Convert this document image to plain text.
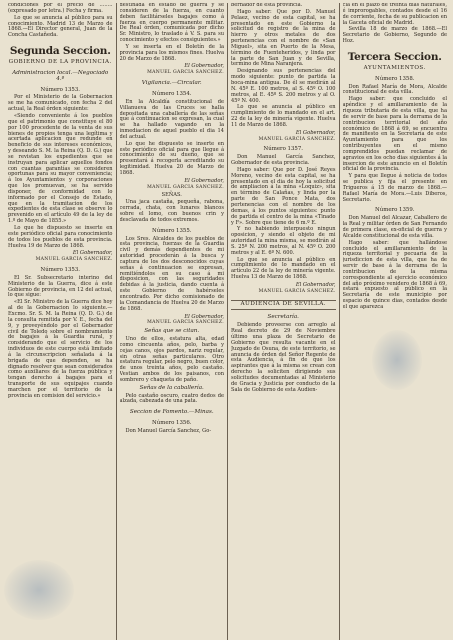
condiciones por el precio de ........ (expresado por letra.) Fecha y firma.

Lo que se anuncia al público para su conocimiento. Madrid 13 de Marzo de 1868.—El Director general, Juan de la Concha Castañeda.

Segunda Seccion.
GOBIERNO DE LA PROVINCIA.
Administracion local.—Negociado 4.º
Número 1353.

Por el Ministerio de la Gobernacion se me ha comunicado, con fecha 2 del actual, la Real órden siguiente:

«Siendo conveniente á los pueblos que el patrimonio que constituye el 80 por 100 procedente de la venta de sus bienes de propios tenga una legítima y acertada aplicacion que redunde en beneficio de sus intereses económicos, y deseando S. M. la Reina (Q. D. G.) que se revistan los expedientes que se instruyan para aplicar aquellos fondos con cuantas garantías se consideren oportunas para su mayor conveniencia; á los Ayuntamientos y corporaciones que los promuevan, se ha servido disponer, de conformidad con lo informado por el Consejo de Estado, que en la tramitacion de los expedientes de esta clase se observe lo prevenido en el artículo 49 de la ley de 1.º de Mayo de 1855.»

Lo que he dispuesto se inserte en este periódico oficial para conocimiento de todos los pueblos de esta provincia. Huelva 19 de Marzo de 1868.

El Gobernador,
MANUEL GARCIA SANCHEZ.
Número 1353.

El Sr. Subsecretario interino del Ministerio de la Guerra, dice á este Gobierno de provincia, en 12 del actual, lo que sigue:

«El Sr. Ministro de la Guerra dice hoy al de la Gobernacion lo siguiente.—Excmo. Sr. S. M. la Reina (Q. D. G.) de la consulta remitida por V. E., fecha del 9, y proveyéndolo por el Gobernador civil de Toledo sobre el nombramiento de bagajes á la Guardia rural, y considerando que el servicio de los individuos de este cuerpo está limitado á la circunscripcion señalada á la brigada de que dependen, se ha dignado resolver que sean considerados como auxiliares de la fuerza pública y tengan derecho á bagajes para el transporte de sus equipajes cuando marchen por el territorio de la provincia en comision del servicio.»

destinada en estado de guerra y se consideren de la fuerza, en cuanto deben facilitárseles bagajes como á fuerza en cuerpo permanente militar. De Real órden, comunicada por dicho Sr. Ministro, lo traslado á V. S. para su conocimiento y efectos consiguientes.»

Y se inserta en el Boletín de la provincia para los mismos fines. Huelva 20 de Marzo de 1868.

El Gobernador,
MANUEL GARCIA SANCHEZ.
Vigilancia.—Circular.
Número 1354.

En la Alcaldía constitucional de Villanueva de las Cruces se halla depositada una caballería de las señas que á continuacion se expresan, la cual se ha hallado vagando en la inmediacion de aquel pueblo el dia 14 del actual.

Lo que he dispuesto se inserte en este periódico oficial para que llegue á conocimiento de su dueño, que se presentará á recogerla acreditando su legitimidad. Huelva 20 de Marzo de 1868.

El Gobernador,
MANUEL GARCIA SANCHEZ.
SEÑAS.

Una jaca castaña, pequeña, rabona, cerrada, chata, con lunares blancos sobre el lomo, con buenos crin y desclavada de todos extremos.

Número 1355.

Los Sres. Alcaldes de los pueblos de esta provincia, fuerzas de la Guardia civil y demás dependientes de mi autoridad procederán á la busca y captura de los dos desconocidos cuyas señas á continuacion se expresan, remitiéndolos en su caso á mi disposicion, con las seguridades debidas á la justicia, dando cuenta á este Gobierno de habérseles encontrado. Por dicho comisionado de la Comandancia de Huelva 20 de Marzo de 1868.

El Gobernador,
MANUEL GARCIA SANCHEZ.
Señas que se citan.

Uno de ellos, estatura alta, edad como cincuenta años, pelo, barba y cejas canos, ojos pardos, nariz regular, sin otras señas particulares. Otro estatura regular, pelo negro, buen color, de unos treinta años, pelo castaño. Vestian ambos de los paisanos, con sombrero y chaqueta de paño.

Señas de la caballería.

Pelo castaño oscuro, cuatro dedos de alzada, cabezada de una pata.

Seccion de Fomento.—Minas.
Número 1356.

Don Manuel García Sanchez, Go-

bernador de esta provincia.

Hago saber: Que por D. Manuel Pelaez, vecino de esta capital, se ha presentado en este Gobierno la solicitud de registro de la mina de hierro y otros metales de dos pertenencias con el nombre de «San Miguel», sita en Puerto de la Mesa, término de Fuenteheridos, y linda por la parte de San Juan y de Sevilla, termino de Mina Naranjera.

Designando sus pertenencias del modo siguiente: punto de partida la boca-mina antigua. De él se medirán al N. 45º E. 100 metros, al S. 45º O. 100 metros, al E. 45º S. 200 metros y al O. 45º N. 400.

Lo que se anuncia al público en cumplimiento de lo mandado en el art. 22 de la ley de minería vigente. Huelva 11 de Marzo de 1868.

El Gobernador,
MANUEL GARCIA SANCHEZ.
Número 1357.

Don Manuel García Sanchez, Gobernador de esta provincia.

Hago saber: Que por D. José Reyes Moreno, vecino de esta capital, se ha presentado en el dia de hoy la solicitud de ampliacion á la mina «Loquiz», sita en término de Calañas, y linda por la parte de San Ponce Mata, dos pertenencias con el nombre de los demas, á los puntos siguientes: punto de partida el centro de la mina «Tinado y F». Sobre que tiene de 6 m.º E.

Y no habiendo interpuesto ningun oposicion, y siendo el objeto de mi autoridad la mina misma, se medirán al S. 25º N. 200 metros, al N. 45º O. 200 metros y al E. 6º N. 600.

Lo que se anuncia al público en cumplimiento de lo mandado en el artículo 22 de la ley de minería vigente. Huelva 13 de Marzo de 1868.

El Gobernador,
MANUEL GARCIA SANCHEZ.
AUDIENCIA DE SEVILLA.
Secretaría.

Debiendo proveerse con arreglo al Real decreto de 29 de Noviembre último una plaza de Secretario de Gobierno que resulta vacante en el Juzgado de Osuna, de este territorio, se anuncia de órden del Señor Regente de esta Audiencia, á fin de que los aspirantes que á la misma se crean con derecho la soliciten dirigiendo sus solicitudes documentadas al Ministerio de Gracia y Justicia por conducto de la Sala de Gobierno de esta Audien-

cia en el plazo de treinta dias naturales, é improrogables, contados desde el 16 de corriente, fecha de su publicacion en la Gaceta oficial de Madrid.

Sevilla 18 de marzo de 1868.—El Secretario de Gobierno, Segundo de Hoz.

Tercera Seccion.
AYUNTAMIENTOS.
Número 1358.

Don Rafael María de Mora, Alcalde constitucional de esta villa.

Hago saber: que concluido el apéndice y el amillaramiento de la riqueza tributaria de esta villa, que ha de servir de base para la derrama de la contribucion territorial del año económico de 1868 á 69, se encuentra de manifiesto en la Secretaría de este Ayuntamiento para que los contribuyentes en el mismo comprendidos puedan reclamar de agravios en los ocho dias siguientes á la insercion de este anuncio en el Boletín oficial de la provincia.

Y para que llegue á noticia de todos se publica y fija el presente en Trigueros á 15 de marzo de 1868.—Rafael María de Mora.—Luis Diberos, Secretario.

Número 1359.

Don Manuel del Alcazar, Caballero de la Real y militar órden de San Fernando de primera clase, ex-oficial de guerra y Alcalde constitucional de esta villa.

Hago saber: que hallándose concluido el amillaramiento de la riqueza territorial y pecuaria de la jurisdiccion de esta villa, que ha de servir de base á la derrama de la contribucion de la misma correspondiente al ejercicio económico del año próximo venidero de 1868 á 69, estará expuesto al público en la Secretaría de este municipio por espacio de quince dias, contados desde el que aparezca
